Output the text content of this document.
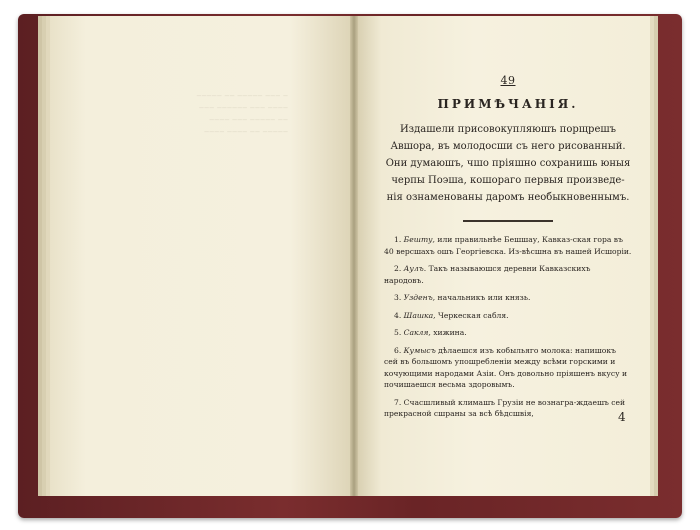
‒ ‒‒‒ ‒‒‒‒‒ ‒‒ ‒‒‒‒‒
‒‒‒‒ ‒‒‒ ‒‒‒‒‒‒ ‒‒‒
‒‒ ‒‒‒‒‒ ‒‒‒ ‒‒‒‒
‒‒‒‒‒ ‒‒ ‒‒‒‒ ‒‒‒‒
49
ПРИМѢЧАНІЯ.

Издашели присовокупляюшъ порщрешъ

Авшора, въ молодосши съ него рисованный.

Они думаюшъ, чшо пріяшно сохранишь юныя

черпы Поэша, кошораго первыя произведе-

нія ознаменованы даромъ необыкновеннымъ.

1. Бешту, или правильнѣе Бешшау, Кавказ-ская гора въ 40 версшахъ ошъ Георгіевска. Из-вѣсшна въ нашей Исшоріи.

2. Аулъ. Такъ называюшся деревни Кавказскихъ народовъ.

3. Узденъ, начальникъ или князь.

4. Шашка, Черкеская сабля.

5. Сакля, хижина.

6. Кумысъ дѣлаешся изъ кобыльяго молока: напишокъ сей въ большомъ упошребленіи между всѣми горскими и кочующими народами Азіи. Онъ довольно пріяшенъ вкусу и почишаешся весьма здоровымъ.

7. Счасшливый климашъ Грузіи не вознагра-ждаешъ сей прекрасной сшраны за всѣ бѣдсшвія,	4
